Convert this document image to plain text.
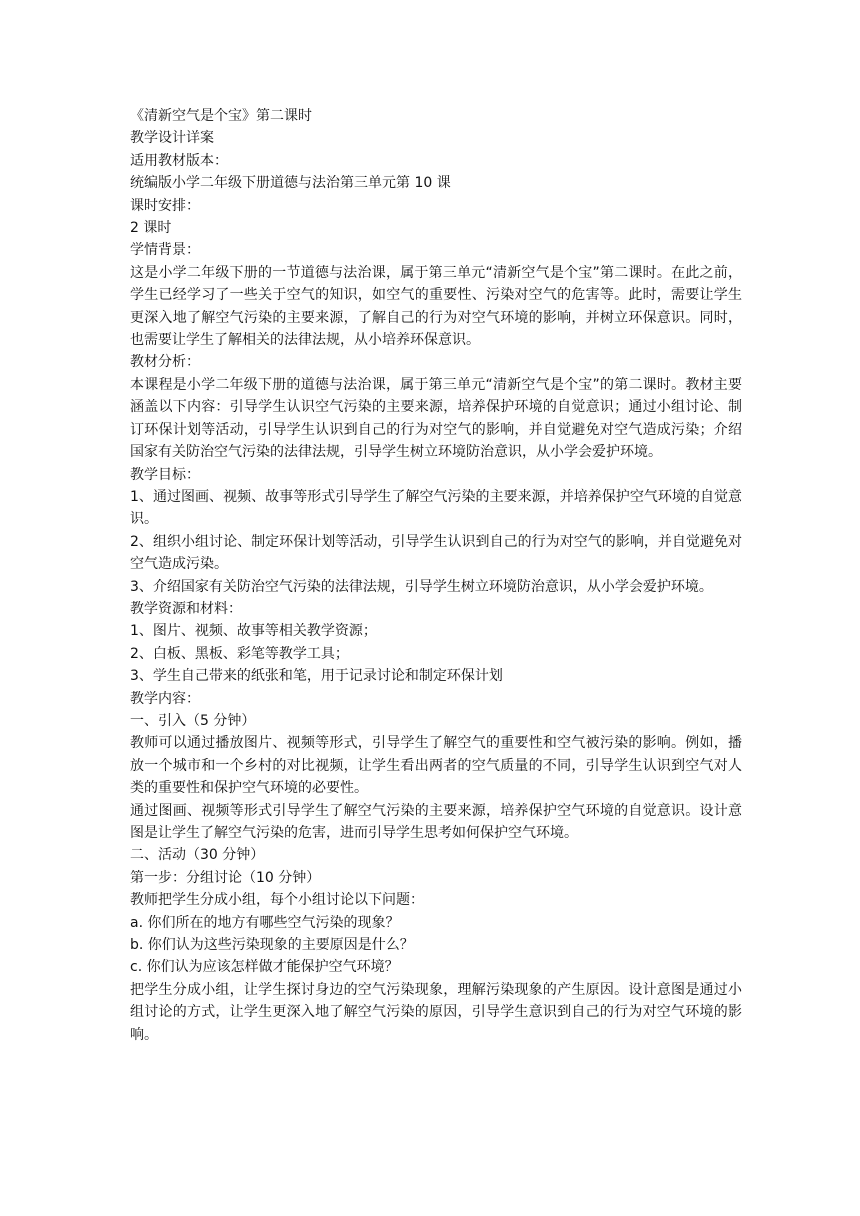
《清新空气是个宝》第二课时

教学设计详案

适用教材版本：

统编版小学二年级下册道德与法治第三单元第 10 课

课时安排：

2 课时

学情背景：

这是小学二年级下册的一节道德与法治课，属于第三单元“清新空气是个宝”第二课时。在此之前，学生已经学习了一些关于空气的知识，如空气的重要性、污染对空气的危害等。此时，需要让学生更深入地了解空气污染的主要来源，了解自己的行为对空气环境的影响，并树立环保意识。同时，也需要让学生了解相关的法律法规，从小培养环保意识。

教材分析：

本课程是小学二年级下册的道德与法治课，属于第三单元“清新空气是个宝”的第二课时。教材主要涵盖以下内容：引导学生认识空气污染的主要来源，培养保护环境的自觉意识；通过小组讨论、制订环保计划等活动，引导学生认识到自己的行为对空气的影响，并自觉避免对空气造成污染；介绍国家有关防治空气污染的法律法规，引导学生树立环境防治意识，从小学会爱护环境。

教学目标：

1、通过图画、视频、故事等形式引导学生了解空气污染的主要来源，并培养保护空气环境的自觉意识。

2、组织小组讨论、制定环保计划等活动，引导学生认识到自己的行为对空气的影响，并自觉避免对空气造成污染。

3、介绍国家有关防治空气污染的法律法规，引导学生树立环境防治意识，从小学会爱护环境。

教学资源和材料：

1、图片、视频、故事等相关教学资源；

2、白板、黑板、彩笔等教学工具；

3、学生自己带来的纸张和笔，用于记录讨论和制定环保计划

教学内容：

一、引入（5 分钟）

教师可以通过播放图片、视频等形式，引导学生了解空气的重要性和空气被污染的影响。例如，播放一个城市和一个乡村的对比视频，让学生看出两者的空气质量的不同，引导学生认识到空气对人类的重要性和保护空气环境的必要性。

通过图画、视频等形式引导学生了解空气污染的主要来源，培养保护空气环境的自觉意识。设计意图是让学生了解空气污染的危害，进而引导学生思考如何保护空气环境。

二、活动（30 分钟）

第一步：分组讨论（10 分钟）

教师把学生分成小组，每个小组讨论以下问题：

a. 你们所在的地方有哪些空气污染的现象？

b. 你们认为这些污染现象的主要原因是什么？

c. 你们认为应该怎样做才能保护空气环境？

把学生分成小组，让学生探讨身边的空气污染现象，理解污染现象的产生原因。设计意图是通过小组讨论的方式，让学生更深入地了解空气污染的原因，引导学生意识到自己的行为对空气环境的影响。
